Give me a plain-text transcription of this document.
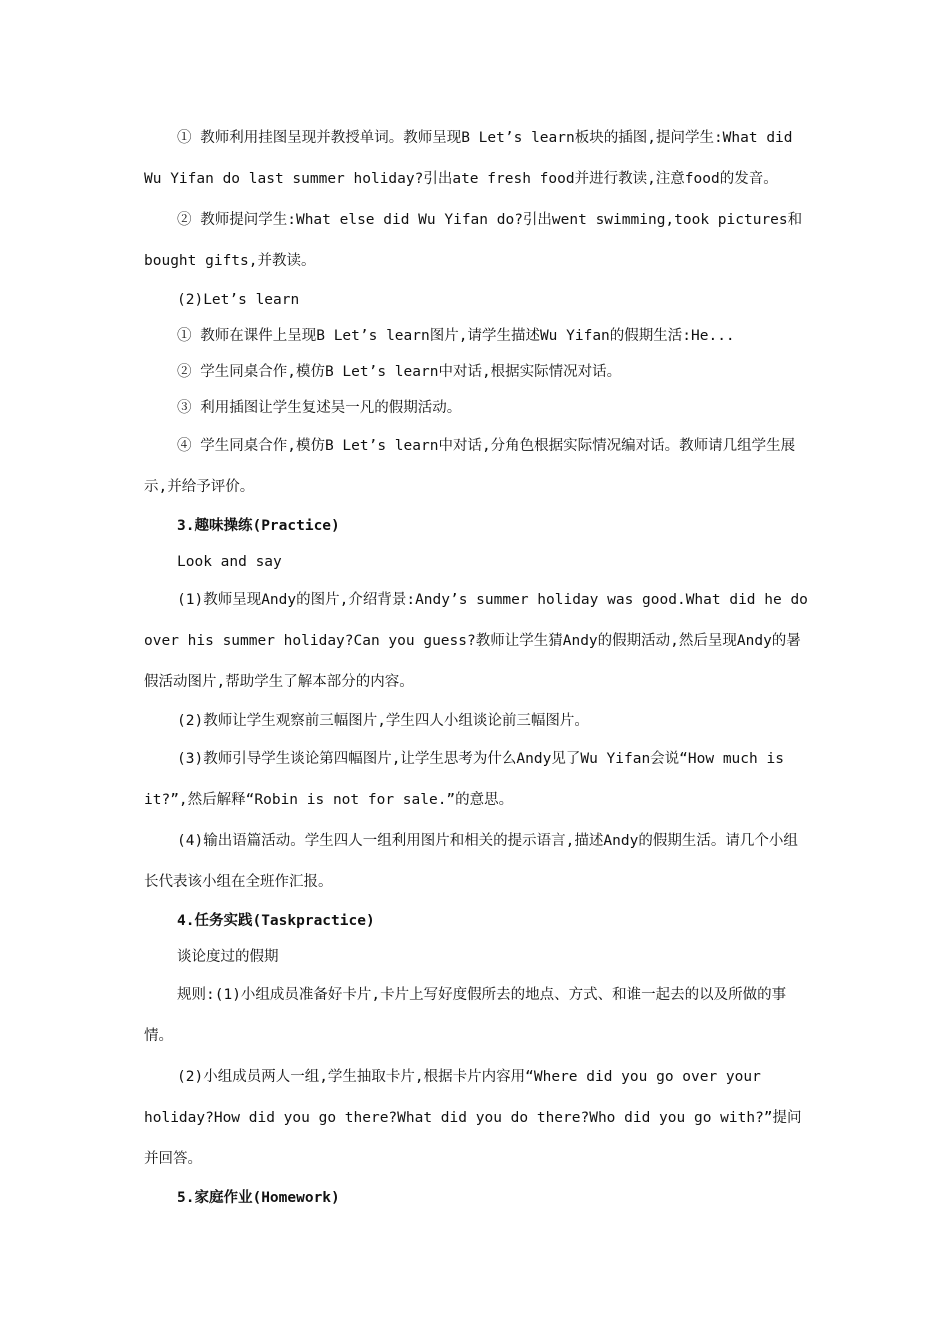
① 教师利用挂图呈现并教授单词。教师呈现B Let’s learn板块的插图,提问学生:What did Wu Yifan do last summer holiday?引出ate fresh food并进行教读,注意food的发音。

② 教师提问学生:What else did Wu Yifan do?引出went swimming,took pictures和bought gifts,并教读。

(2)Let’s learn

① 教师在课件上呈现B Let’s learn图片,请学生描述Wu Yifan的假期生活:He...

② 学生同桌合作,模仿B Let’s learn中对话,根据实际情况对话。

③ 利用插图让学生复述吴一凡的假期活动。

④ 学生同桌合作,模仿B Let’s learn中对话,分角色根据实际情况编对话。教师请几组学生展示,并给予评价。

3.趣味操练(Practice)

Look and say

(1)教师呈现Andy的图片,介绍背景:Andy’s summer holiday was good.What did he do over his summer holiday?Can you guess?教师让学生猜Andy的假期活动,然后呈现Andy的暑假活动图片,帮助学生了解本部分的内容。

(2)教师让学生观察前三幅图片,学生四人小组谈论前三幅图片。

(3)教师引导学生谈论第四幅图片,让学生思考为什么Andy见了Wu Yifan会说“How much is it?”,然后解释“Robin is not for sale.”的意思。

(4)输出语篇活动。学生四人一组利用图片和相关的提示语言,描述Andy的假期生活。请几个小组长代表该小组在全班作汇报。

4.任务实践(Taskpractice)

谈论度过的假期

规则:(1)小组成员准备好卡片,卡片上写好度假所去的地点、方式、和谁一起去的以及所做的事情。

(2)小组成员两人一组,学生抽取卡片,根据卡片内容用“Where did you go over your holiday?How did you go there?What did you do there?Who did you go with?”提问并回答。

5.家庭作业(Homework)
